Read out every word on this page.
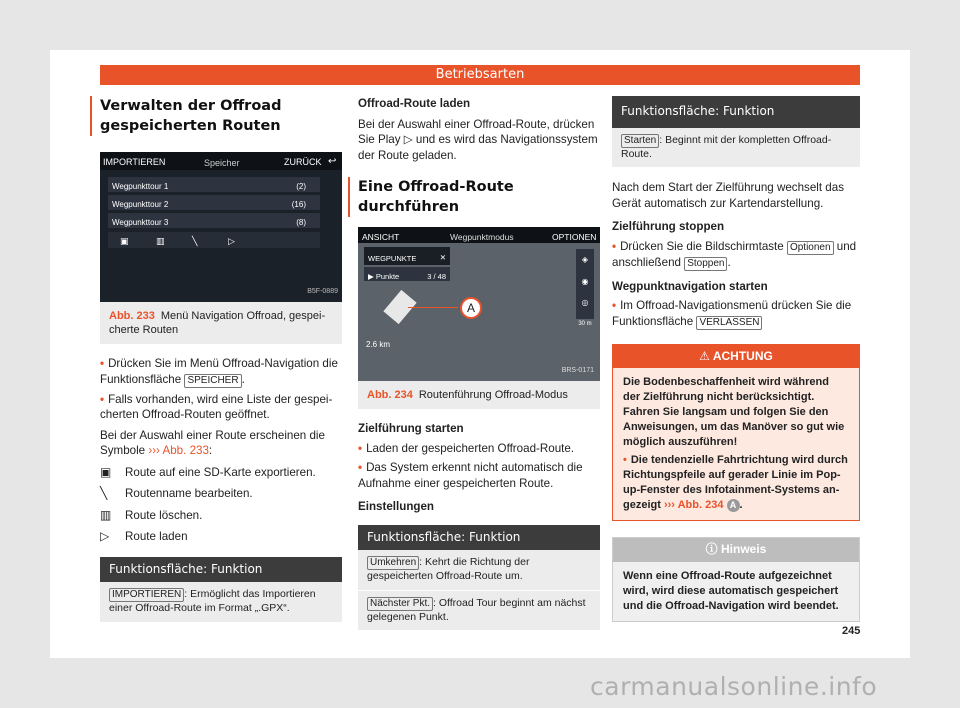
Betriebsarten
Verwalten der Offroad gespeicherten Routen
IMPORTIEREN	Speicher	ZURÜCK ↩
Wegpunkttour 1	(2)
Wegpunkttour 2	(16)
Wegpunkttour 3	(8)
▣	▥	╲	▷
B5F-0889
Abb. 233 Menü Navigation Offroad, gespeicherte Routen
• Drücken Sie im Menü Offroad-Navigation die Funktionsfläche SPEICHER .
• Falls vorhanden, wird eine Liste der gespeicherten Offroad-Routen geöffnet.

Bei der Auswahl einer Route erscheinen die Symbole ››› Abb. 233:

▣	Route auf eine SD-Karte exportieren.
╲	Routenname bearbeiten.
▥	Route löschen.
▷	Route laden
Funktionsfläche: Funktion
IMPORTIEREN : Ermöglicht das Importieren einer Offroad-Route im Format „.GPX“.
Offroad-Route laden

Bei der Auswahl einer Offroad-Route, drücken Sie Play ▷ und es wird das Navigationssystem der Route geladen.

Eine Offroad-Route durchführen
ANSICHT	Wegpunktmodus	OPTIONEN
WEGPUNKTE	✕
▶ Punkte	3 / 48
A
2.6 km
◈
◉
◎
30 m
BRS-0171
Abb. 234 Routenführung Offroad-Modus
Zielführung starten
• Laden der gespeicherten Offroad-Route.
• Das System erkennt nicht automatisch die Aufnahme einer gespeicherten Route.
Einstellungen
Funktionsfläche: Funktion
Umkehren : Kehrt die Richtung der gespeicherten Offroad-Route um.
Nächster Pkt. : Offroad Tour beginnt am nächst gelegenen Punkt.
Funktionsfläche: Funktion
Starten : Beginnt mit der kompletten Offroad-Route.

Nach dem Start der Zielführung wechselt das Gerät automatisch zur Kartendarstellung.

Zielführung stoppen
• Drücken Sie die Bildschirmtaste Optionen und anschließend Stoppen .
Wegpunktnavigation starten
• Im Offroad-Navigationsmenü drücken Sie die Funktionsfläche VERLASSEN
⚠ ACHTUNG
Die Bodenbeschaffenheit wird während der Zielführung nicht berücksichtigt. Fahren Sie langsam und folgen Sie den Anweisungen, um das Manöver so gut wie möglich auszuführen!
• Die tendenzielle Fahrtrichtung wird durch Richtungspfeile auf gerader Linie im Pop-up-Fenster des Infotainment-Systems angezeigt ››› Abb. 234 A .
ⓘ Hinweis
Wenn eine Offroad-Route aufgezeichnet wird, wird diese automatisch gespeichert und die Offroad-Navigation wird beendet.
245
carmanualsonline.info
